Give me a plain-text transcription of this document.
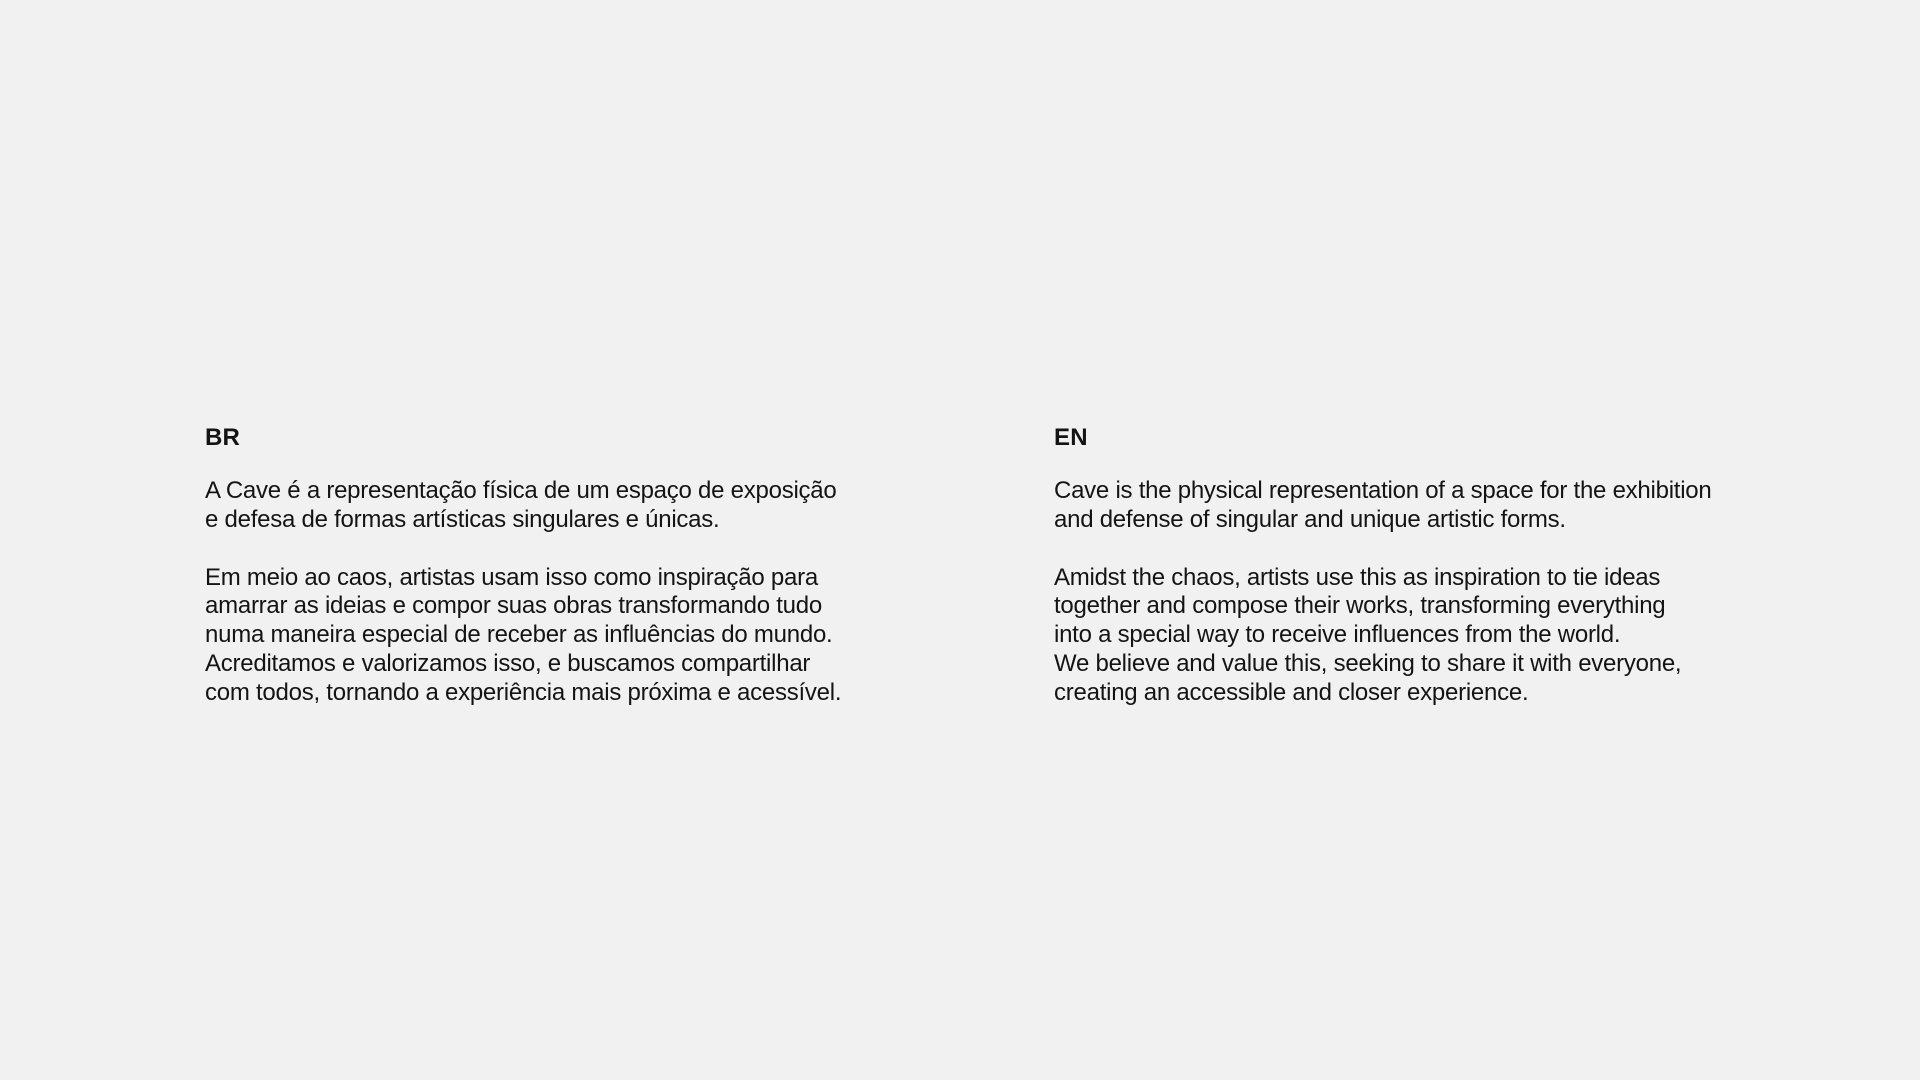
BR

A Cave é a representação física de um espaço de exposição
e defesa de formas artísticas singulares e únicas.

Em meio ao caos, artistas usam isso como inspiração para
amarrar as ideias e compor suas obras transformando tudo
numa maneira especial de receber as influências do mundo.
Acreditamos e valorizamos isso, e buscamos compartilhar
com todos, tornando a experiência mais próxima e acessível.

EN

Cave is the physical representation of a space for the exhibition
and defense of singular and unique artistic forms.

Amidst the chaos, artists use this as inspiration to tie ideas
together and compose their works, transforming everything
into a special way to receive influences from the world.
We believe and value this, seeking to share it with everyone,
creating an accessible and closer experience.
